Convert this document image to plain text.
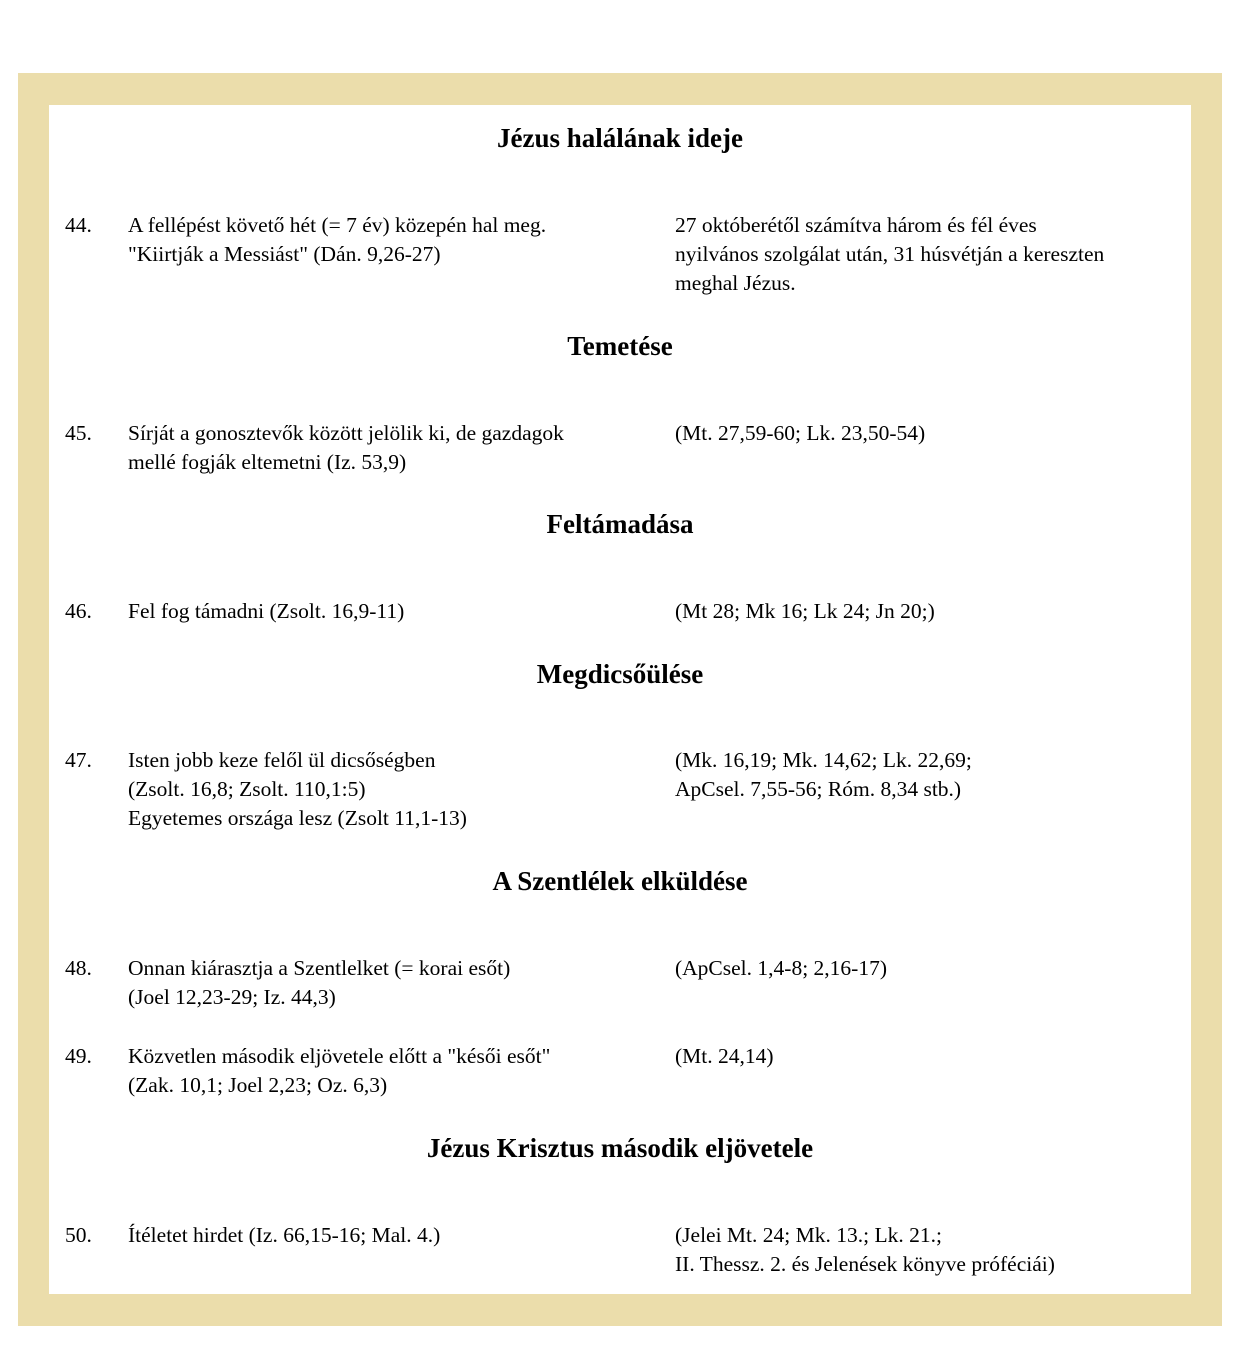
Jézus halálának ideje
44. A fellépést követő hét (= 7 év) közepén hal meg.
"Kiirtják a Messiást" (Dán. 9,26-27)
27 októberétől számítva három és fél éves
nyilvános szolgálat után, 31 húsvétján a kereszten
meghal Jézus.
Temetése
45. Sírját a gonosztevők között jelölik ki, de gazdagok
mellé fogják eltemetni (Iz. 53,9)
(Mt. 27,59-60; Lk. 23,50-54)
Feltámadása
46. Fel fog támadni (Zsolt. 16,9-11)	(Mt 28; Mk 16; Lk 24; Jn 20;)
Megdicsőülése
47. Isten jobb keze felől ül dicsőségben
(Zsolt. 16,8; Zsolt. 110,1:5)
Egyetemes országa lesz (Zsolt 11,1-13)
(Mk. 16,19; Mk. 14,62; Lk. 22,69;
ApCsel. 7,55-56; Róm. 8,34 stb.)
A Szentlélek elküldése
48. Onnan kiárasztja a Szentlelket (= korai esőt)
(Joel 12,23-29; Iz. 44,3)
(ApCsel. 1,4-8; 2,16-17)
49. Közvetlen második eljövetele előtt a "késői esőt"
(Zak. 10,1; Joel 2,23; Oz. 6,3)
(Mt. 24,14)
Jézus Krisztus második eljövetele
50. Ítéletet hirdet (Iz. 66,15-16; Mal. 4.)	(Jelei Mt. 24; Mk. 13.; Lk. 21.;
II. Thessz. 2. és Jelenések könyve próféciái)
